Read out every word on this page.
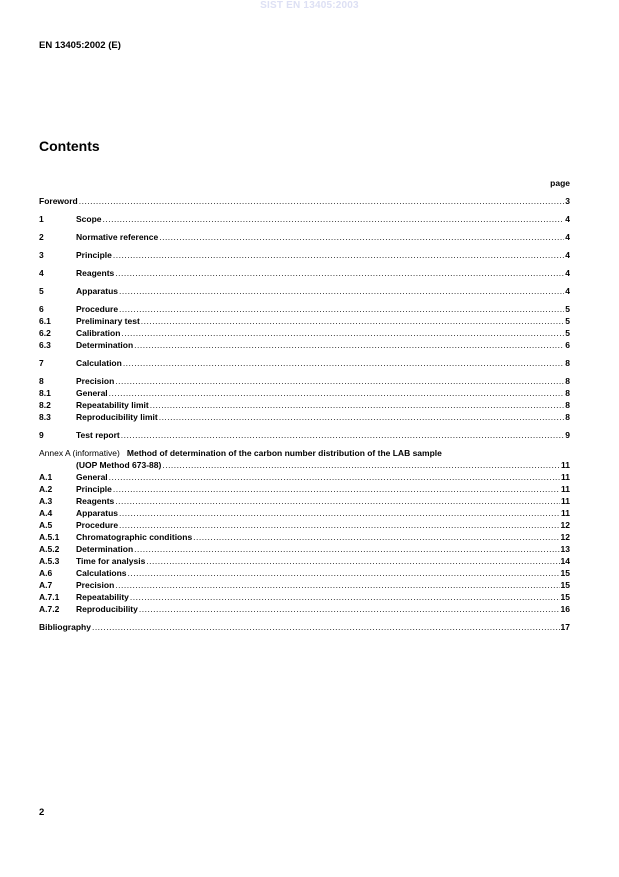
SIST EN 13405:2003
EN 13405:2002 (E)
Contents
page
Foreword .....	3
1	Scope .....	4
2	Normative reference .....	4
3	Principle .....	4
4	Reagents .....	4
5	Apparatus .....	4
6	Procedure .....	5
6.1	Preliminary test .....	5
6.2	Calibration .....	5
6.3	Determination .....	6
7	Calculation .....	8
8	Precision .....	8
8.1	General .....	8
8.2	Repeatability limit .....	8
8.3	Reproducibility limit .....	8
9	Test report .....	9
Annex A (informative) Method of determination of the carbon number distribution of the LAB sample
(UOP Method 673-88) .....	11
A.1	General .....	11
A.2	Principle .....	11
A.3	Reagents .....	11
A.4	Apparatus .....	11
A.5	Procedure .....	12
A.5.1 Chromatographic conditions .....	12
A.5.2 Determination .....	13
A.5.3 Time for analysis .....	14
A.6	Calculations .....	15
A.7	Precision .....	15
A.7.1 Repeatability .....	15
A.7.2 Reproducibility .....	16
Bibliography .....	17
2
